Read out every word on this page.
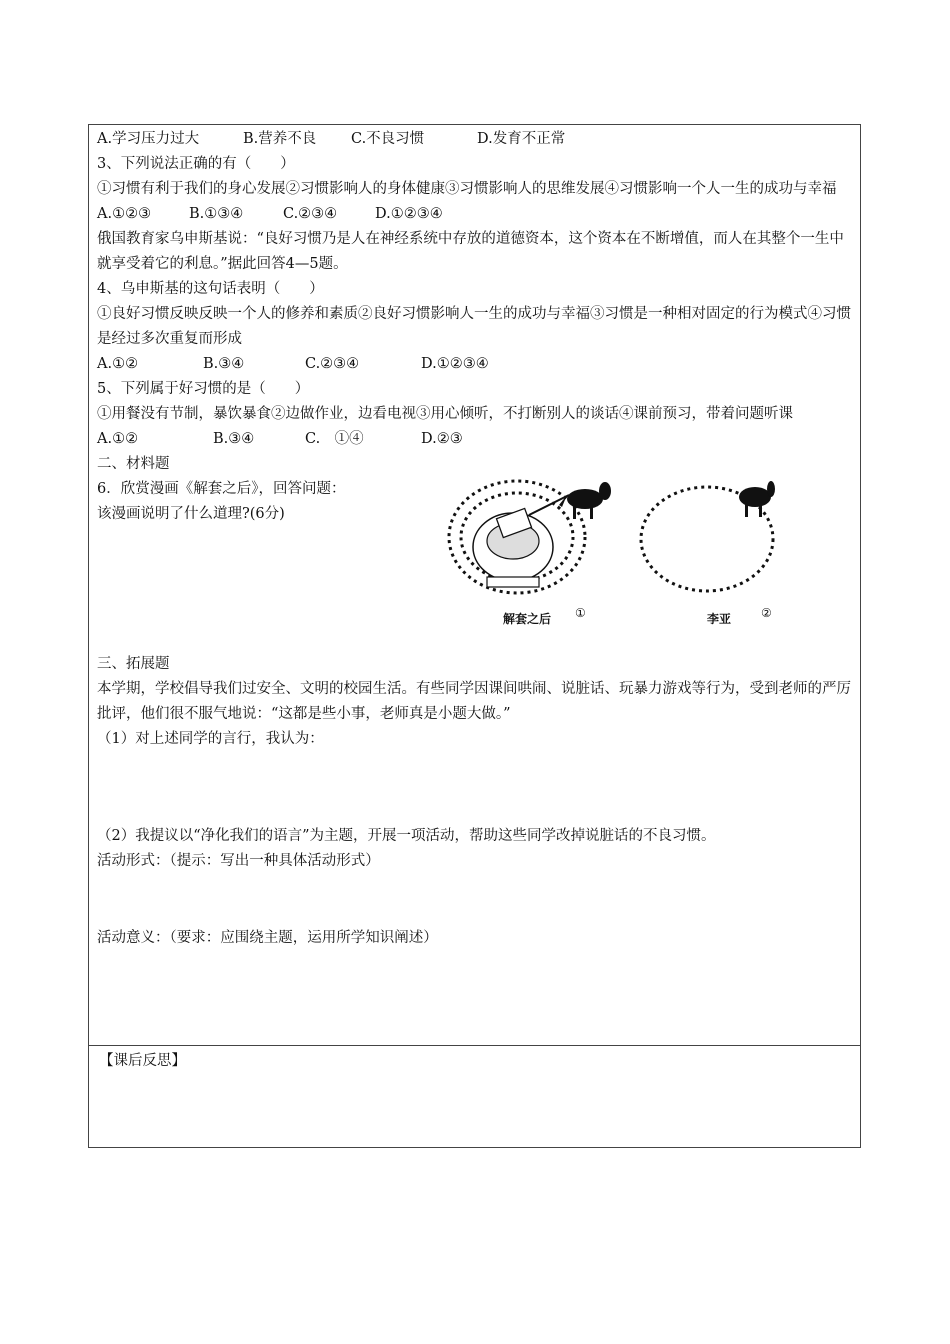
A.学习压力过大	B.营养不良 C.不良习惯	D.发育不正常
3、下列说法正确的有（　　）
①习惯有利于我们的身心发展②习惯影响人的身体健康③习惯影响人的思维发展④习惯影响一个人一生的成功与幸福
A.①②③	B.①③④	C.②③④	D.①②③④
俄国教育家乌申斯基说：“良好习惯乃是人在神经系统中存放的道德资本，这个资本在不断增值，而人在其整个一生中就享受着它的利息。”据此回答4—5题。
4、乌申斯基的这句话表明（　　）
①良好习惯反映反映一个人的修养和素质②良好习惯影响人一生的成功与幸福③习惯是一种相对固定的行为模式④习惯是经过多次重复而形成
A.①②	B.③④	C.②③④	D.①②③④
5、下列属于好习惯的是（　　）
①用餐没有节制，暴饮暴食②边做作业，边看电视③用心倾听，不打断别人的谈话④课前预习，带着问题听课
A.①②	B.③④	C.　①④	D.②③
二、材料题
6．欣赏漫画《解套之后》，回答问题：
该漫画说明了什么道理?(6分)
解套之后 ①	李亚 ②
三、拓展题
本学期，学校倡导我们过安全、文明的校园生活。有些同学因课间哄闹、说脏话、玩暴力游戏等行为，受到老师的严厉批评，他们很不服气地说：“这都是些小事，老师真是小题大做。”
（1）对上述同学的言行，我认为：
（2）我提议以“净化我们的语言”为主题，开展一项活动，帮助这些同学改掉说脏话的不良习惯。
活动形式：（提示：写出一种具体活动形式）
活动意义：（要求：应围绕主题，运用所学知识阐述）
【课后反思】
